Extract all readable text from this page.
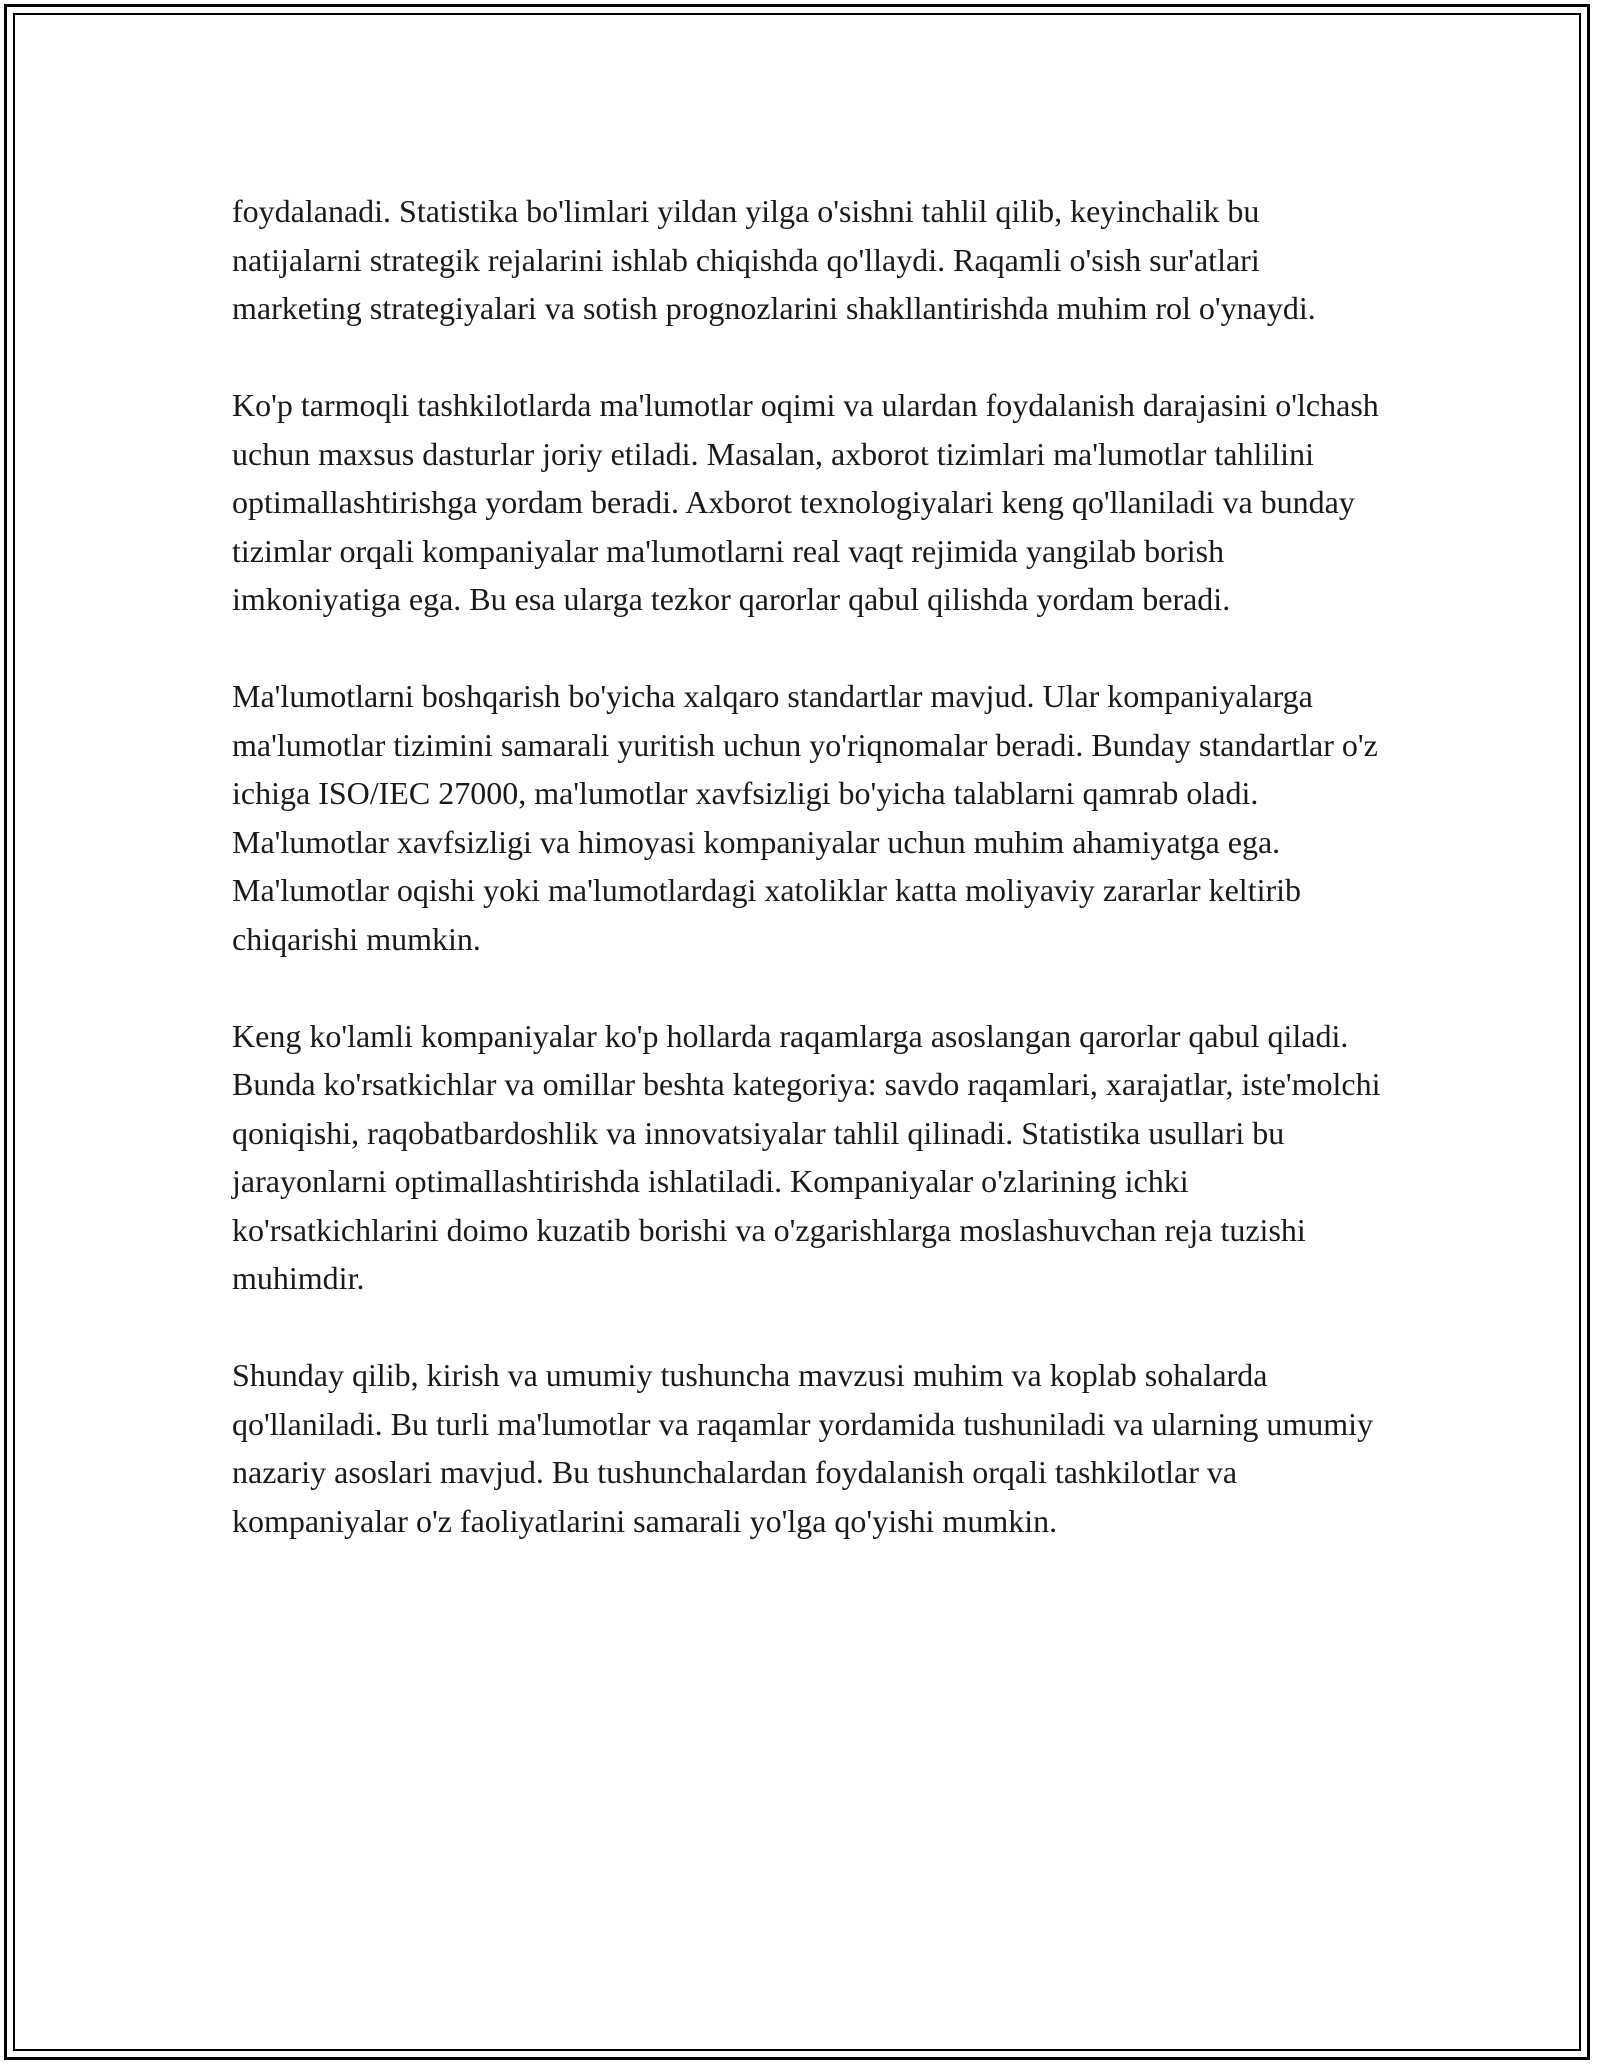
foydalanadi. Statistika bo'limlari yildan yilga o'sishni tahlil qilib, keyinchalik bu natijalarni strategik rejalarini ishlab chiqishda qo'llaydi. Raqamli o'sish sur'atlari marketing strategiyalari va sotish prognozlarini shakllantirishda muhim rol o'ynaydi.

Ko'p tarmoqli tashkilotlarda ma'lumotlar oqimi va ulardan foydalanish darajasini o'lchash uchun maxsus dasturlar joriy etiladi. Masalan, axborot tizimlari ma'lumotlar tahlilini optimallashtirishga yordam beradi. Axborot texnologiyalari keng qo'llaniladi va bunday tizimlar orqali kompaniyalar ma'lumotlarni real vaqt rejimida yangilab borish imkoniyatiga ega. Bu esa ularga tezkor qarorlar qabul qilishda yordam beradi.

Ma'lumotlarni boshqarish bo'yicha xalqaro standartlar mavjud. Ular kompaniyalarga ma'lumotlar tizimini samarali yuritish uchun yo'riqnomalar beradi. Bunday standartlar o'z ichiga ISO/IEC 27000, ma'lumotlar xavfsizligi bo'yicha talablarni qamrab oladi. Ma'lumotlar xavfsizligi va himoyasi kompaniyalar uchun muhim ahamiyatga ega. Ma'lumotlar oqishi yoki ma'lumotlardagi xatoliklar katta moliyaviy zararlar keltirib chiqarishi mumkin.

Keng ko'lamli kompaniyalar ko'p hollarda raqamlarga asoslangan qarorlar qabul qiladi. Bunda ko'rsatkichlar va omillar beshta kategoriya: savdo raqamlari, xarajatlar, iste'molchi qoniqishi, raqobatbardoshlik va innovatsiyalar tahlil qilinadi. Statistika usullari bu jarayonlarni optimallashtirishda ishlatiladi. Kompaniyalar o'zlarining ichki ko'rsatkichlarini doimo kuzatib borishi va o'zgarishlarga moslashuvchan reja tuzishi muhimdir.

Shunday qilib, kirish va umumiy tushuncha mavzusi muhim va koplab sohalarda qo'llaniladi. Bu turli ma'lumotlar va raqamlar yordamida tushuniladi va ularning umumiy nazariy asoslari mavjud. Bu tushunchalardan foydalanish orqali tashkilotlar va kompaniyalar o'z faoliyatlarini samarali yo'lga qo'yishi mumkin.
